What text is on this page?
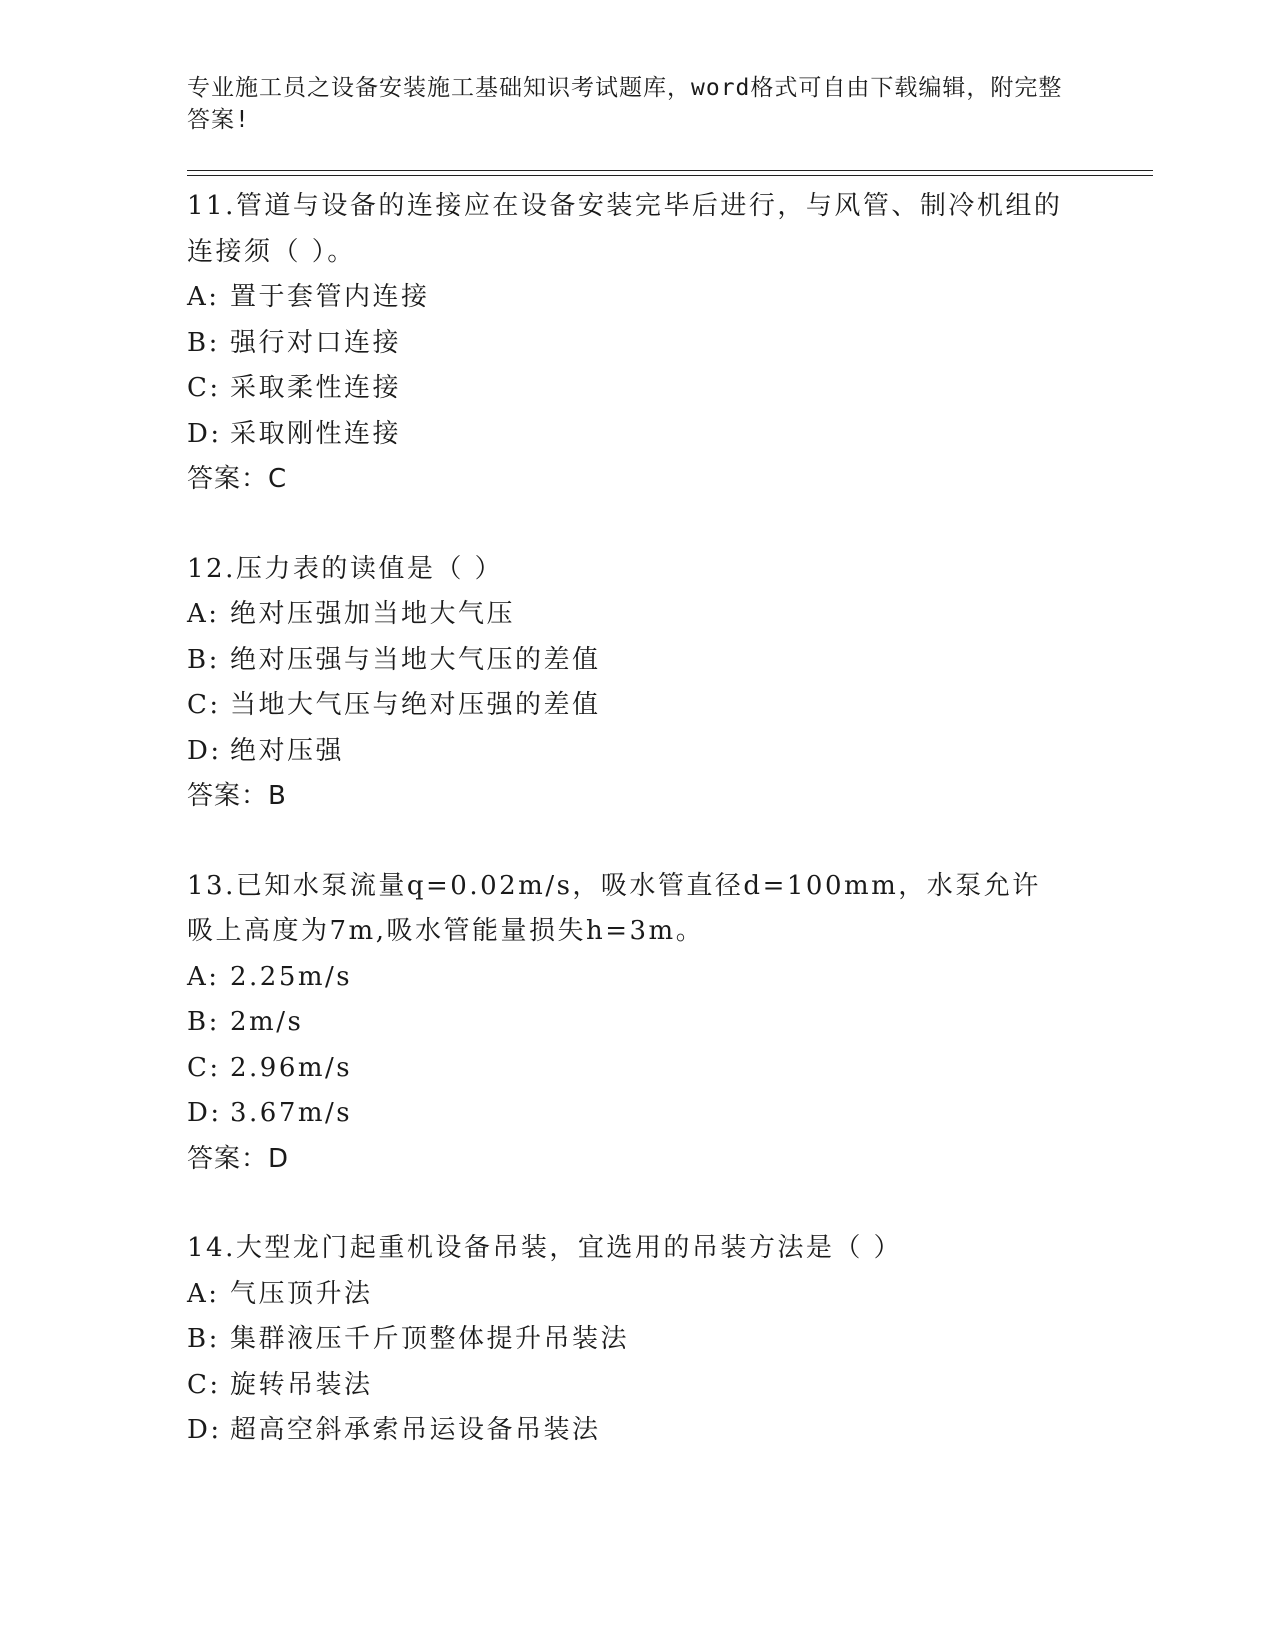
专业施工员之设备安装施工基础知识考试题库，word格式可自由下载编辑，附完整答案!
11.管道与设备的连接应在设备安装完毕后进行，与风管、制冷机组的连接须（ ）。
A: 置于套管内连接
B: 强行对口连接
C: 采取柔性连接
D: 采取刚性连接
答案：C
12.压力表的读值是（ ）
A: 绝对压强加当地大气压
B: 绝对压强与当地大气压的差值
C: 当地大气压与绝对压强的差值
D: 绝对压强
答案：B
13.已知水泵流量q=0.02m/s，吸水管直径d=100mm，水泵允许吸上高度为7m,吸水管能量损失h=3m。
A: 2.25m/s
B: 2m/s
C: 2.96m/s
D: 3.67m/s
答案：D
14.大型龙门起重机设备吊装，宜选用的吊装方法是（ ）
A: 气压顶升法
B: 集群液压千斤顶整体提升吊装法
C: 旋转吊装法
D: 超高空斜承索吊运设备吊装法
